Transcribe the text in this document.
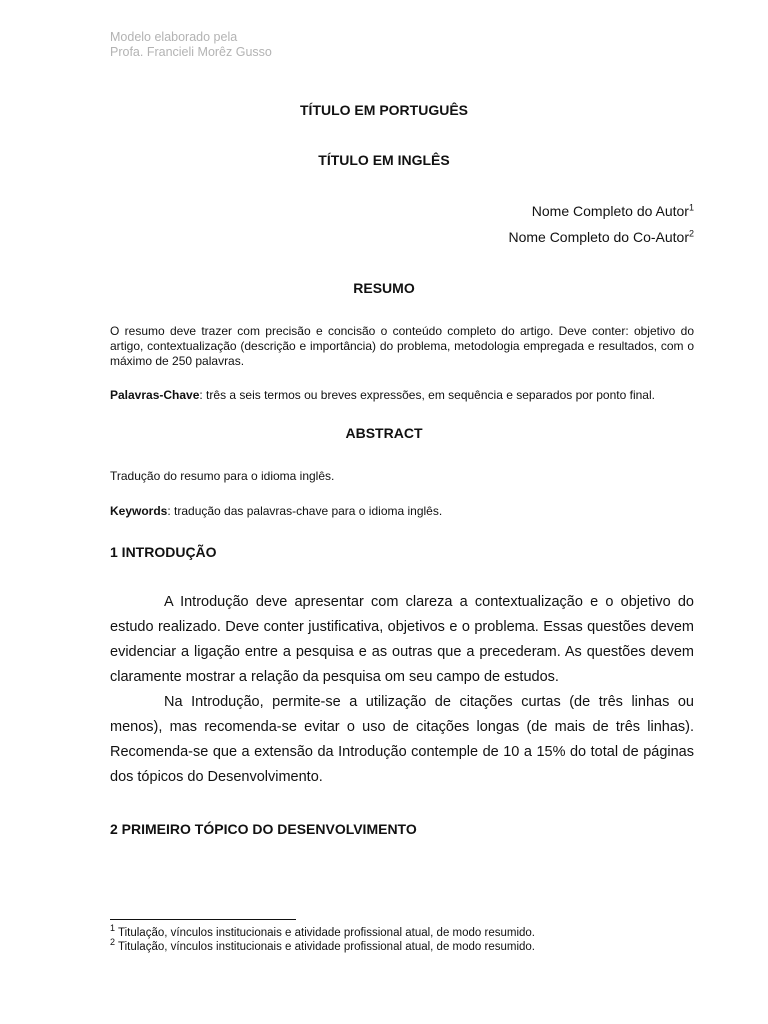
Modelo elaborado pela
Profa. Francieli Morêz Gusso
TÍTULO EM PORTUGUÊS
TÍTULO EM INGLÊS
Nome Completo do Autor$^1$
Nome Completo do Co-Autor$^2$
RESUMO
O resumo deve trazer com precisão e concisão o conteúdo completo do artigo. Deve conter: objetivo do artigo, contextualização (descrição e importância) do problema, metodologia empregada e resultados, com o máximo de 250 palavras.
Palavras-Chave: três a seis termos ou breves expressões, em sequência e separados por ponto final.
ABSTRACT
Tradução do resumo para o idioma inglês.
Keywords: tradução das palavras-chave para o idioma inglês.
1 INTRODUÇÃO

A Introdução deve apresentar com clareza a contextualização e o objetivo do estudo realizado. Deve conter justificativa, objetivos e o problema. Essas questões devem evidenciar a ligação entre a pesquisa e as outras que a precederam. As questões devem claramente mostrar a relação da pesquisa om seu campo de estudos.

Na Introdução, permite-se a utilização de citações curtas (de três linhas ou menos), mas recomenda-se evitar o uso de citações longas (de mais de três linhas). Recomenda-se que a extensão da Introdução contemple de 10 a 15% do total de páginas dos tópicos do Desenvolvimento.

2 PRIMEIRO TÓPICO DO DESENVOLVIMENTO
$^1$ Titulação, vínculos institucionais e atividade profissional atual, de modo resumido.
$^2$ Titulação, vínculos institucionais e atividade profissional atual, de modo resumido.
